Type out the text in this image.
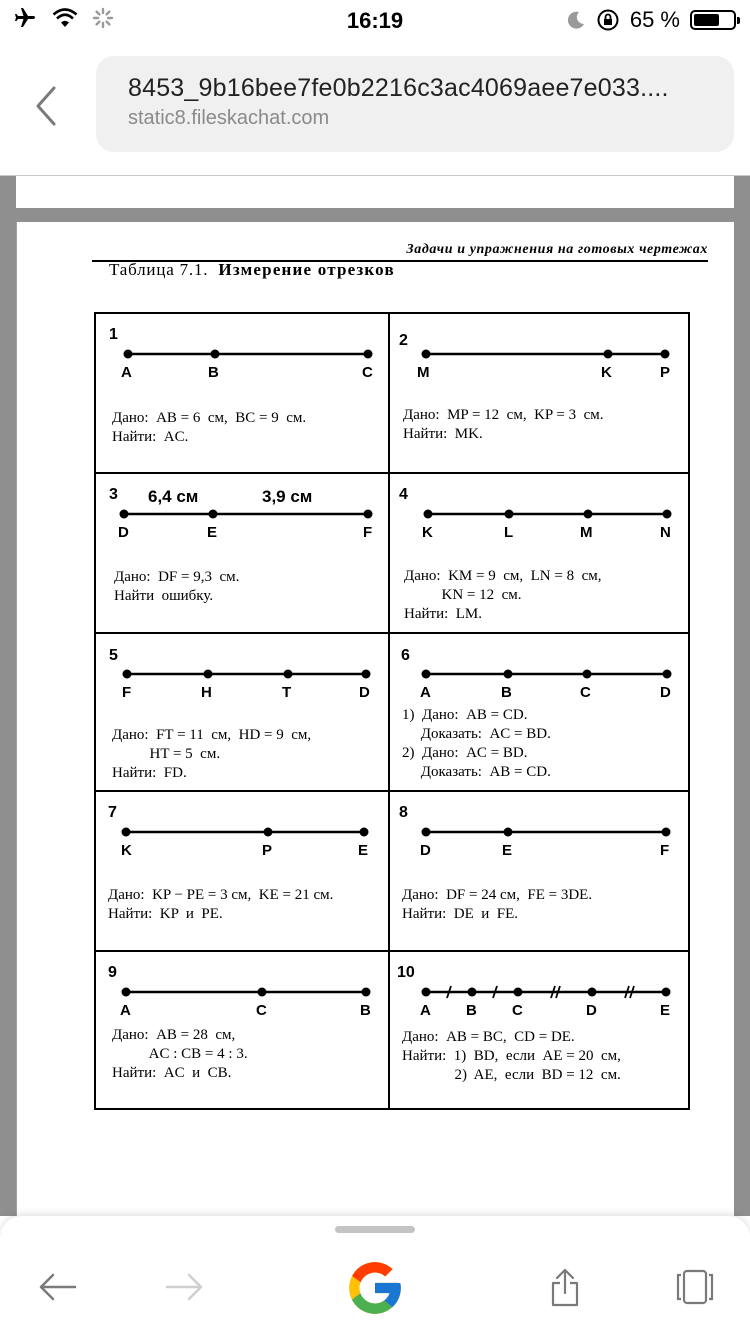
16:19	65 %
8453_9b16bee7fe0b2216c3ac4069aee7e033....
static8.fileskachat.com
Задачи и упражнения на готовых чертежах
Таблица 7.1. Измерение отрезков
1
A	B	C
Дано:  AB = 6  см,  BC = 9  см.
Найти:  AC.
2
M	K	P
Дано:  MP = 12  см,  KP = 3  см.
Найти:  MK.
3 6,4 см	3,9 см
D	E	F
Дано:  DF = 9,3  см.
Найти  ошибку.
4
K	L	M	N
Дано:  KM = 9  см,  LN = 8  см,
KN = 12  см.
Найти:  LM.
5
F	H	T	D
Дано:  FT = 11  см,  HD = 9  см,
HT = 5  см.
Найти:  FD.
6
A	B	C	D
1)  Дано:  AB = CD.
Доказать:  AC = BD.
2)  Дано:  AC = BD.
Доказать:  AB = CD.
7
K	P	E
Дано:  KP − PE = 3 см,  KE = 21 см.
Найти:  KP  и  PE.
8
D	E	F
Дано:  DF = 24 см,  FE = 3DE.
Найти:  DE  и  FE.
9
A	C	B
Дано:  AB = 28  см,
AC : CB = 4 : 3.
Найти:  AC  и  CB.
10
A B C	D	E
Дано:  AB = BC,  CD = DE.
Найти:  1)  BD,  если  AE = 20  см,
2)  AE,  если  BD = 12  см.
